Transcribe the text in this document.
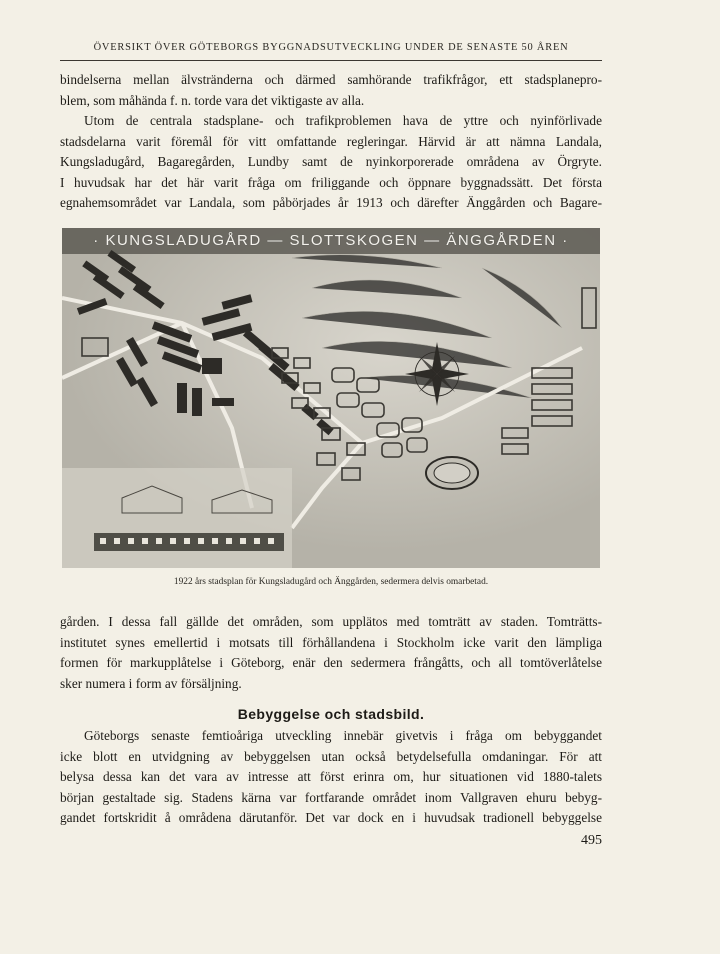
ÖVERSIKT ÖVER GÖTEBORGS BYGGNADSUTVECKLING UNDER DE SENASTE 50 ÅREN
bindelserna mellan älvstränderna och därmed samhörande trafikfrågor, ett stadsplanepro-
blem, som måhända f. n. torde vara det viktigaste av alla.
Utom de centrala stadsplane- och trafikproblemen hava de yttre och nyinförlivade
stadsdelarna varit föremål för vitt omfattande regleringar. Härvid är att nämna Landala,
Kungsladugård, Bagaregården, Lundby samt de nyinkorporerade områdena av Örgryte.
I huvudsak har det här varit fråga om friliggande och öppnare byggnadssätt. Det första
egnahemsområdet var Landala, som påbörjades år 1913 och därefter Änggården och Bagare-
· KUNGSLADUGÅRD — SLOTTSKOGEN — ÄNGGÅRDEN ·
1922 års stadsplan för Kungsladugård och Änggården, sedermera delvis omarbetad.
gården. I dessa fall gällde det områden, som upplätos med tomträtt av staden. Tomträtts-
institutet synes emellertid i motsats till förhållandena i Stockholm icke varit den lämpliga
formen för markupplåtelse i Göteborg, enär den sedermera frångåtts, och all tomtöverlåtelse
sker numera i form av försäljning.
Bebyggelse och stadsbild.
Göteborgs senaste femtioåriga utveckling innebär givetvis i fråga om bebyggandet
icke blott en utvidgning av bebyggelsen utan också betydelsefulla omdaningar. För att
belysa dessa kan det vara av intresse att först erinra om, hur situationen vid 1880-talets
början gestaltade sig. Stadens kärna var fortfarande området inom Vallgraven ehuru bebyg-
gandet fortskridit å områdena därutanför. Det var dock en i huvudsak tradionell bebyggelse
495
